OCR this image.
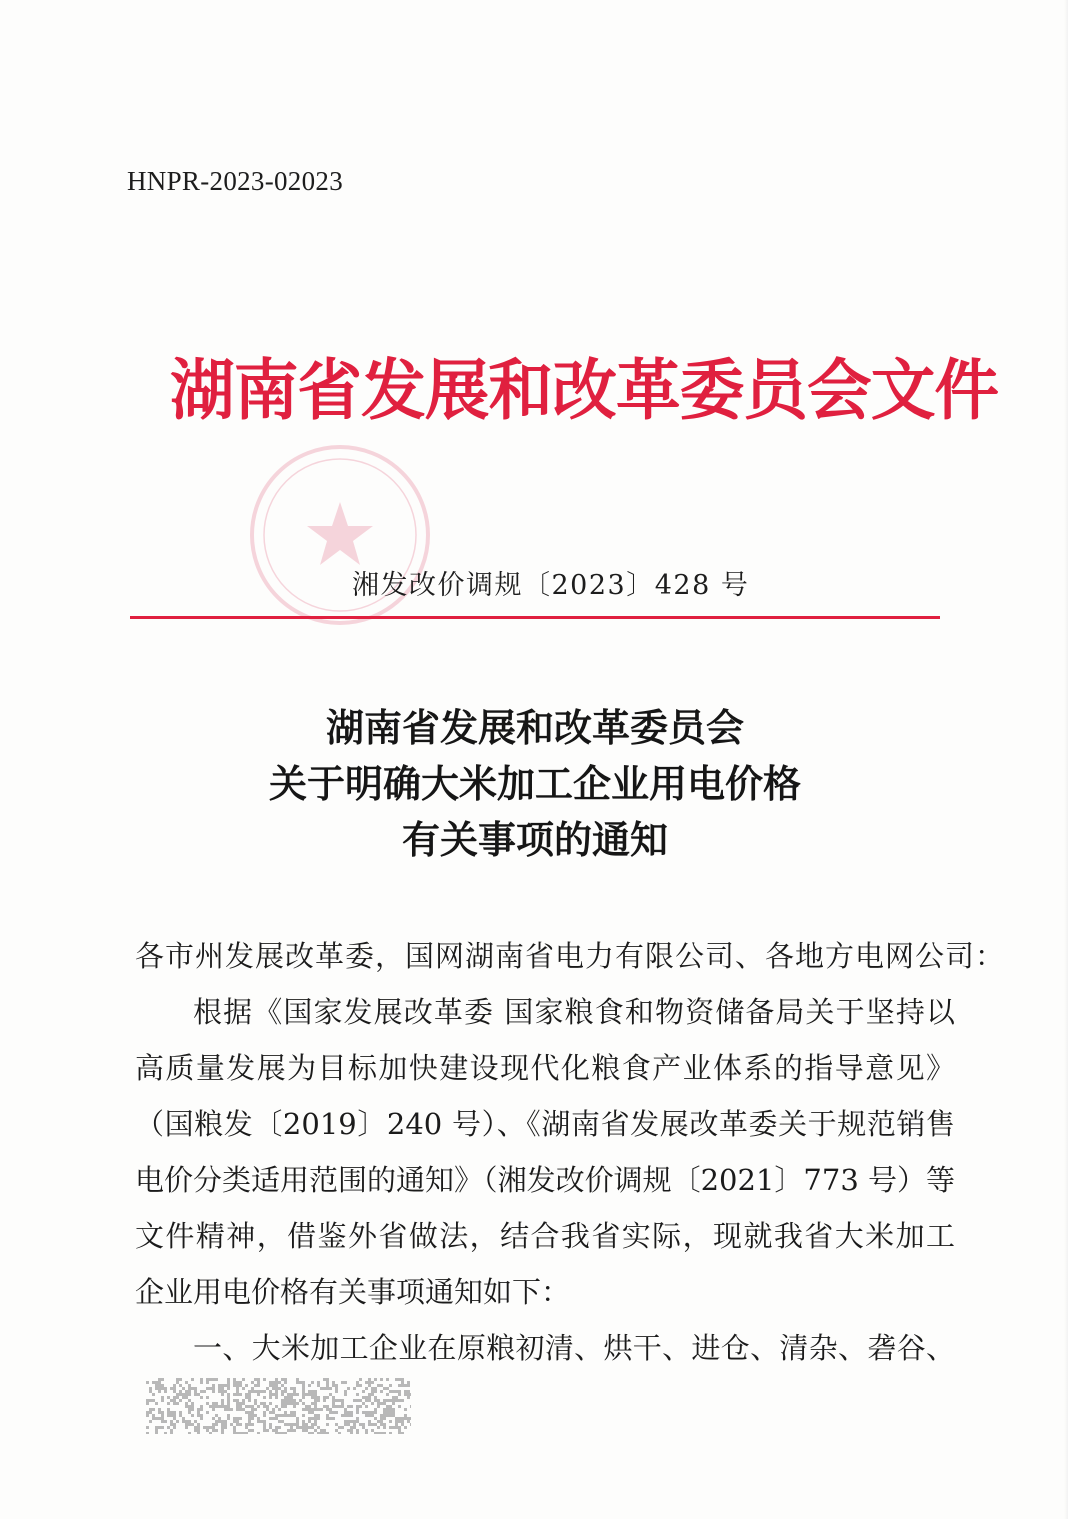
HNPR-2023-02023
湖南省发展和改革委员会文件
湘发改价调规〔2023〕428 号
湖南省发展和改革委员会
关于明确大米加工企业用电价格
有关事项的通知
各市州发展改革委，国网湖南省电力有限公司、各地方电网公司：
根据《国家发展改革委 国家粮食和物资储备局关于坚持以
高质量发展为目标加快建设现代化粮食产业体系的指导意见》
（国粮发〔2019〕240 号）、《湖南省发展改革委关于规范销售
电价分类适用范围的通知》（湘发改价调规〔2021〕773 号）等
文件精神，借鉴外省做法，结合我省实际，现就我省大米加工
企业用电价格有关事项通知如下：
一、大米加工企业在原粮初清、烘干、进仓、清杂、砻谷、
